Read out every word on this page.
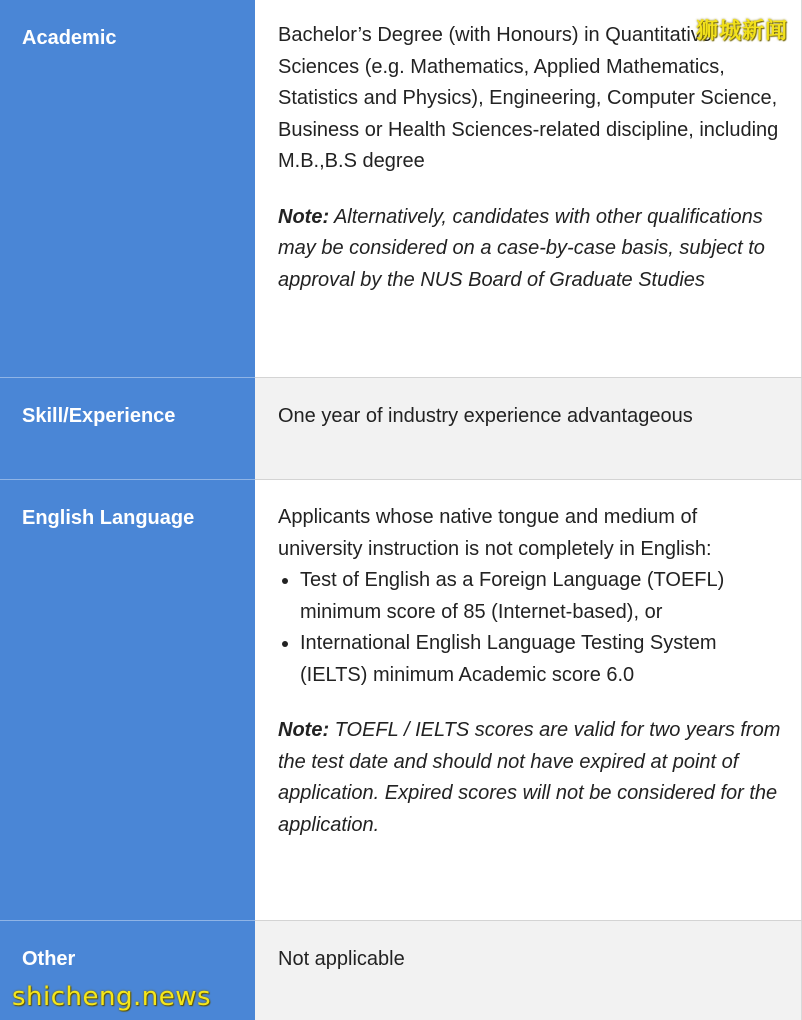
Academic	Bachelor’s Degree (with Honours) in Quantitative Sciences (e.g. Mathematics, Applied Mathematics, Statistics and Physics), Engineering, Computer Science, Business or Health Sciences-related discipline, including M.B.,B.S degree

Note: Alternatively, candidates with other qualifications may be considered on a case-by-case basis, subject to approval by the NUS Board of Graduate Studies

Skill/Experience	One year of industry experience advantageous

English Language	Applicants whose native tongue and medium of university instruction is not completely in English:

• Test of English as a Foreign Language (TOEFL) minimum score of 85 (Internet-based), or
• International English Language Testing System (IELTS) minimum Academic score 6.0

Note: TOEFL / IELTS scores are valid for two years from the test date and should not have expired at point of application. Expired scores will not be considered for the application.

Other	Not applicable

狮城新闻
shicheng.news
